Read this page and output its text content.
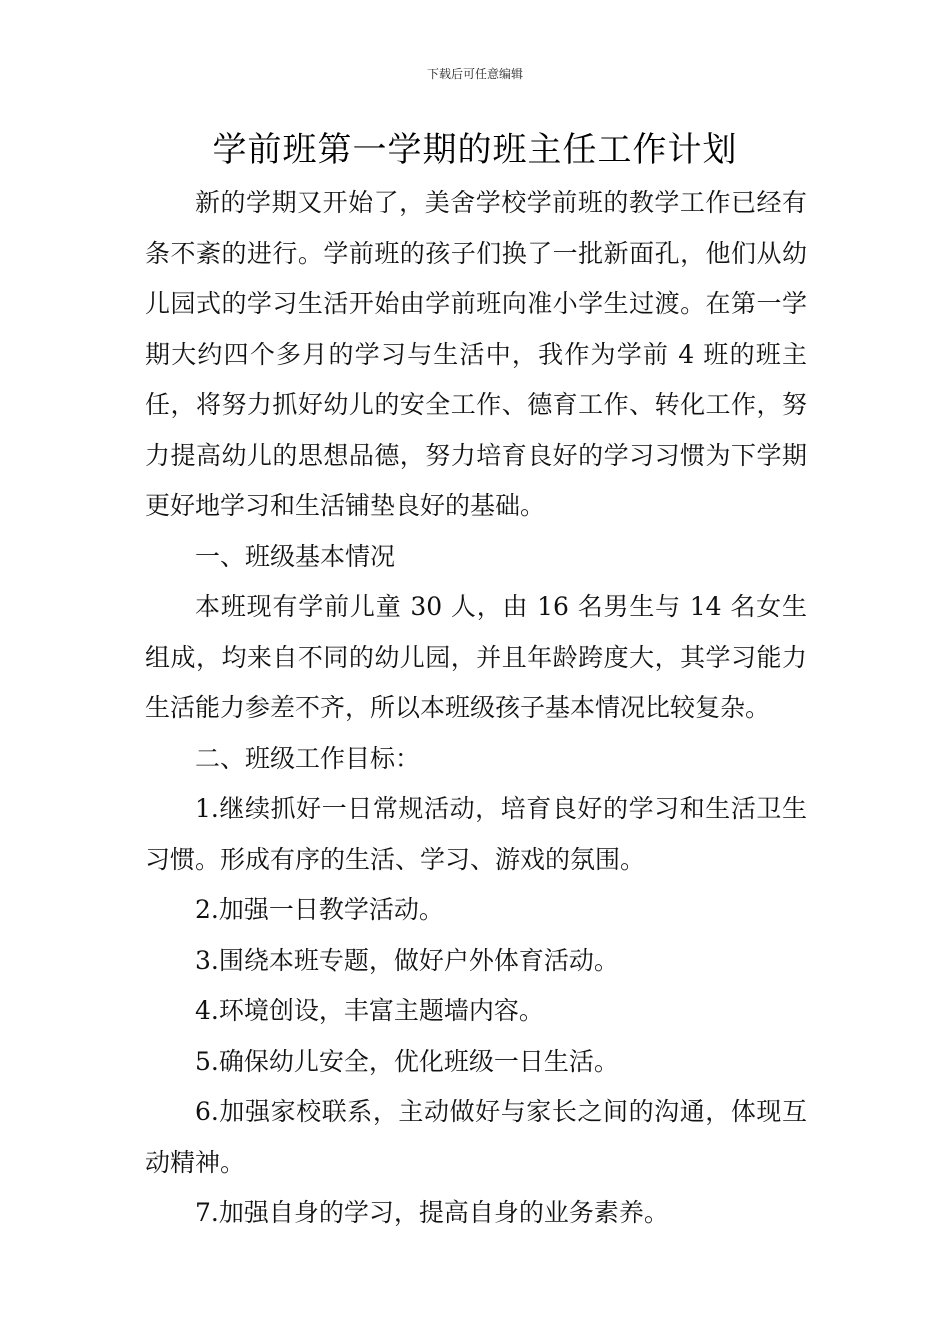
下载后可任意编辑
学前班第一学期的班主任工作计划

新的学期又开始了，美舍学校学前班的教学工作已经有条不紊的进行。学前班的孩子们换了一批新面孔，他们从幼儿园式的学习生活开始由学前班向准小学生过渡。在第一学期大约四个多月的学习与生活中，我作为学前 4 班的班主任，将努力抓好幼儿的安全工作、德育工作、转化工作，努力提高幼儿的思想品德，努力培育良好的学习习惯为下学期更好地学习和生活铺垫良好的基础。

一、班级基本情况

本班现有学前儿童 30 人，由 16 名男生与 14 名女生组成，均来自不同的幼儿园，并且年龄跨度大，其学习能力生活能力参差不齐，所以本班级孩子基本情况比较复杂。

二、班级工作目标：

1.继续抓好一日常规活动，培育良好的学习和生活卫生习惯。形成有序的生活、学习、游戏的氛围。

2.加强一日教学活动。

3.围绕本班专题，做好户外体育活动。

4.环境创设，丰富主题墙内容。

5.确保幼儿安全，优化班级一日生活。

6.加强家校联系，主动做好与家长之间的沟通，体现互动精神。

7.加强自身的学习，提高自身的业务素养。
